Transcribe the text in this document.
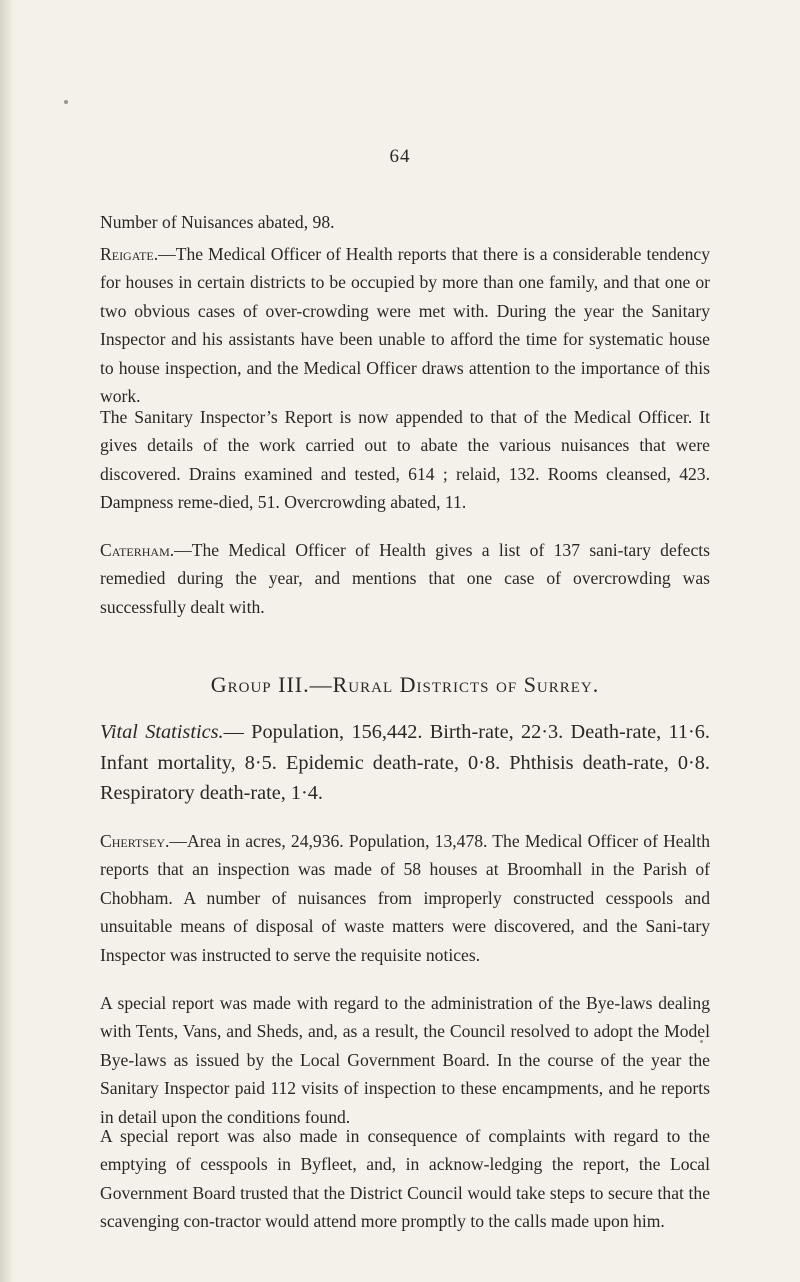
64

Number of Nuisances abated, 98.

Reigate.—The Medical Officer of Health reports that there is a considerable tendency for houses in certain districts to be occupied by more than one family, and that one or two obvious cases of over-crowding were met with. During the year the Sanitary Inspector and his assistants have been unable to afford the time for systematic house to house inspection, and the Medical Officer draws attention to the importance of this work.

The Sanitary Inspector’s Report is now appended to that of the Medical Officer. It gives details of the work carried out to abate the various nuisances that were discovered. Drains examined and tested, 614 ; relaid, 132. Rooms cleansed, 423. Dampness reme-died, 51. Overcrowding abated, 11.

Caterham.—The Medical Officer of Health gives a list of 137 sani-tary defects remedied during the year, and mentions that one case of overcrowding was successfully dealt with.

Group III.—Rural Districts of Surrey.

Vital Statistics.— Population, 156,442. Birth-rate, 22·3. Death-rate, 11·6. Infant mortality, 8·5. Epidemic death-rate, 0·8. Phthisis death-rate, 0·8. Respiratory death-rate, 1·4.

Chertsey.—Area in acres, 24,936. Population, 13,478. The Medical Officer of Health reports that an inspection was made of 58 houses at Broomhall in the Parish of Chobham. A number of nuisances from improperly constructed cesspools and unsuitable means of disposal of waste matters were discovered, and the Sani-tary Inspector was instructed to serve the requisite notices.

A special report was made with regard to the administration of the Bye-laws dealing with Tents, Vans, and Sheds, and, as a result, the Council resolved to adopt the Model Bye-laws as issued by the Local Government Board. In the course of the year the Sanitary Inspector paid 112 visits of inspection to these encampments, and he reports in detail upon the conditions found.

A special report was also made in consequence of complaints with regard to the emptying of cesspools in Byfleet, and, in acknow-ledging the report, the Local Government Board trusted that the District Council would take steps to secure that the scavenging con-tractor would attend more promptly to the calls made upon him.
